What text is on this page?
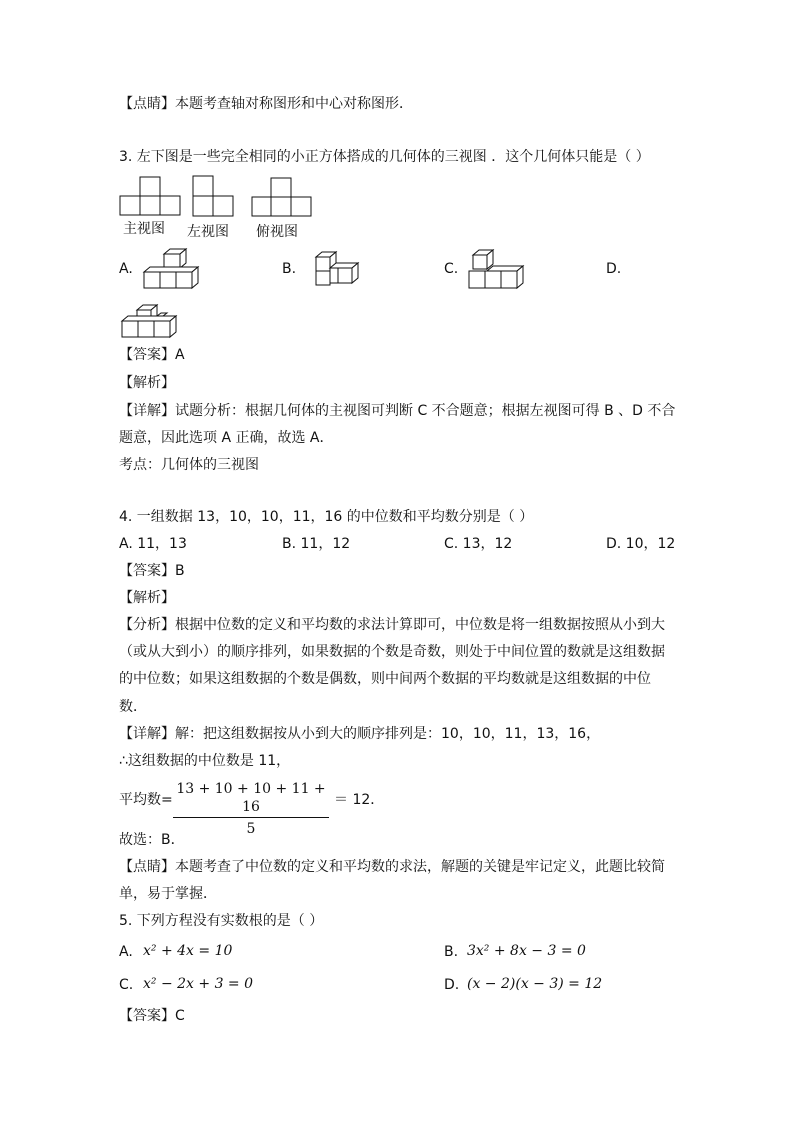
【点睛】本题考查轴对称图形和中心对称图形．
3. 左下图是一些完全相同的小正方体搭成的几何体的三视图 ．这个几何体只能是（ ）
主视图 左视图 俯视图
A.	B.	C.	D.
【答案】A
【解析】
【详解】试题分析：根据几何体的主视图可判断 C 不合题意；根据左视图可得 B 、D 不合
题意，因此选项 A 正确，故选 A．
考点：几何体的三视图
4. 一组数据 13，10，10，11，16 的中位数和平均数分别是（ ）
A. 11，13	B. 11，12	C. 13，12	D. 10，12
【答案】B
【解析】
【分析】根据中位数的定义和平均数的求法计算即可，中位数是将一组数据按照从小到大
（或从大到小）的顺序排列，如果数据的个数是奇数，则处于中间位置的数就是这组数据
的中位数；如果这组数据的个数是偶数，则中间两个数据的平均数就是这组数据的中位
数．
【详解】解：把这组数据按从小到大的顺序排列是：10，10，11，13，16，
∴这组数据的中位数是 11，
平均数=
13 + 10 + 10 + 11 + 16
5
＝ 12．
故选：B．
【点睛】本题考查了中位数的定义和平均数的求法，解题的关键是牢记定义，此题比较简
单，易于掌握．
5. 下列方程没有实数根的是（ ）
A. x² + 4x = 10	B. 3x² + 8x − 3 = 0
C. x² − 2x + 3 = 0	D. (x − 2)(x − 3) = 12
【答案】C
